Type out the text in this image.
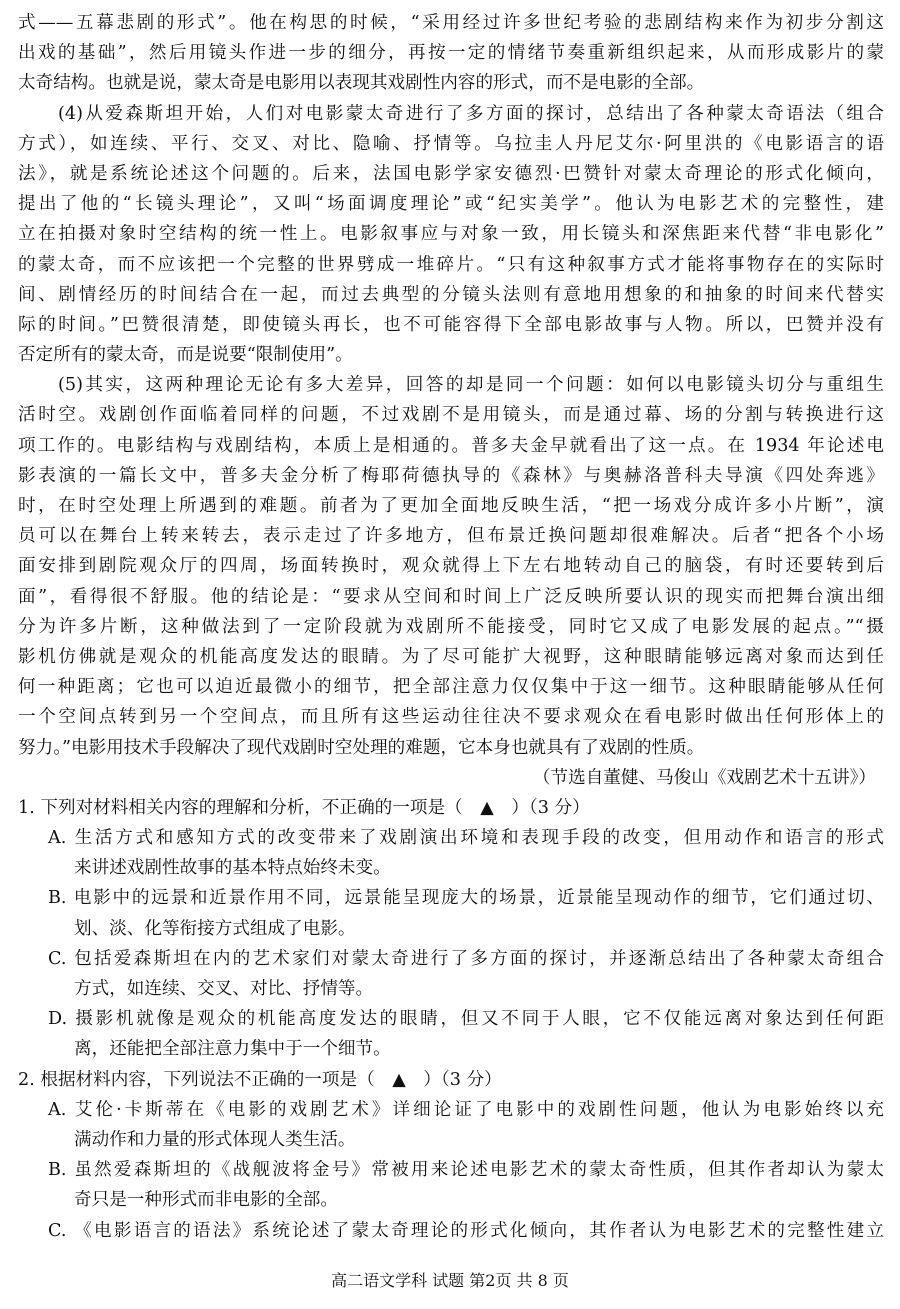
式——五幕悲剧的形式”。他在构思的时候，“采用经过许多世纪考验的悲剧结构来作为初步分割这
出戏的基础”，然后用镜头作进一步的细分，再按一定的情绪节奏重新组织起来，从而形成影片的蒙
太奇结构。也就是说，蒙太奇是电影用以表现其戏剧性内容的形式，而不是电影的全部。
　　(4)从爱森斯坦开始，人们对电影蒙太奇进行了多方面的探讨，总结出了各种蒙太奇语法（组合
方式），如连续、平行、交叉、对比、隐喻、抒情等。乌拉圭人丹尼艾尔·阿里洪的《电影语言的语
法》，就是系统论述这个问题的。后来，法国电影学家安德烈·巴赞针对蒙太奇理论的形式化倾向，
提出了他的“长镜头理论”，又叫“场面调度理论”或“纪实美学”。他认为电影艺术的完整性，建
立在拍摄对象时空结构的统一性上。电影叙事应与对象一致，用长镜头和深焦距来代替“非电影化”
的蒙太奇，而不应该把一个完整的世界劈成一堆碎片。“只有这种叙事方式才能将事物存在的实际时
间、剧情经历的时间结合在一起，而过去典型的分镜头法则有意地用想象的和抽象的时间来代替实
际的时间。”巴赞很清楚，即使镜头再长，也不可能容得下全部电影故事与人物。所以，巴赞并没有
否定所有的蒙太奇，而是说要“限制使用”。
　　(5)其实，这两种理论无论有多大差异，回答的却是同一个问题：如何以电影镜头切分与重组生
活时空。戏剧创作面临着同样的问题，不过戏剧不是用镜头，而是通过幕、场的分割与转换进行这
项工作的。电影结构与戏剧结构，本质上是相通的。普多夫金早就看出了这一点。在 1934 年论述电
影表演的一篇长文中，普多夫金分析了梅耶荷德执导的《森林》与奥赫洛普科夫导演《四处奔逃》
时，在时空处理上所遇到的难题。前者为了更加全面地反映生活，“把一场戏分成许多小片断”，演
员可以在舞台上转来转去，表示走过了许多地方，但布景迁换问题却很难解决。后者“把各个小场
面安排到剧院观众厅的四周，场面转换时，观众就得上下左右地转动自己的脑袋，有时还要转到后
面”，看得很不舒服。他的结论是：“要求从空间和时间上广泛反映所要认识的现实而把舞台演出细
分为许多片断，这种做法到了一定阶段就为戏剧所不能接受，同时它又成了电影发展的起点。”“摄
影机仿佛就是观众的机能高度发达的眼睛。为了尽可能扩大视野，这种眼睛能够远离对象而达到任
何一种距离；它也可以迫近最微小的细节，把全部注意力仅仅集中于这一细节。这种眼睛能够从任何
一个空间点转到另一个空间点，而且所有这些运动往往决不要求观众在看电影时做出任何形体上的
努力。”电影用技术手段解决了现代戏剧时空处理的难题，它本身也就具有了戏剧的性质。
（节选自董健、马俊山《戏剧艺术十五讲》）
1. 下列对材料相关内容的理解和分析，不正确的一项是（　▲　）（3 分）
A. 生活方式和感知方式的改变带来了戏剧演出环境和表现手段的改变，但用动作和语言的形式
来讲述戏剧性故事的基本特点始终未变。
B. 电影中的远景和近景作用不同，远景能呈现庞大的场景，近景能呈现动作的细节，它们通过切、
划、淡、化等衔接方式组成了电影。
C. 包括爱森斯坦在内的艺术家们对蒙太奇进行了多方面的探讨，并逐渐总结出了各种蒙太奇组合
方式，如连续、交叉、对比、抒情等。
D. 摄影机就像是观众的机能高度发达的眼睛，但又不同于人眼，它不仅能远离对象达到任何距
离，还能把全部注意力集中于一个细节。
2. 根据材料内容，下列说法不正确的一项是（　▲　）（3 分）
A. 艾伦·卡斯蒂在《电影的戏剧艺术》详细论证了电影中的戏剧性问题，他认为电影始终以充
满动作和力量的形式体现人类生活。
B. 虽然爱森斯坦的《战舰波将金号》常被用来论述电影艺术的蒙太奇性质，但其作者却认为蒙太
奇只是一种形式而非电影的全部。
C. 《电影语言的语法》系统论述了蒙太奇理论的形式化倾向，其作者认为电影艺术的完整性建立
高二语文学科 试题 第2页 共 8 页
